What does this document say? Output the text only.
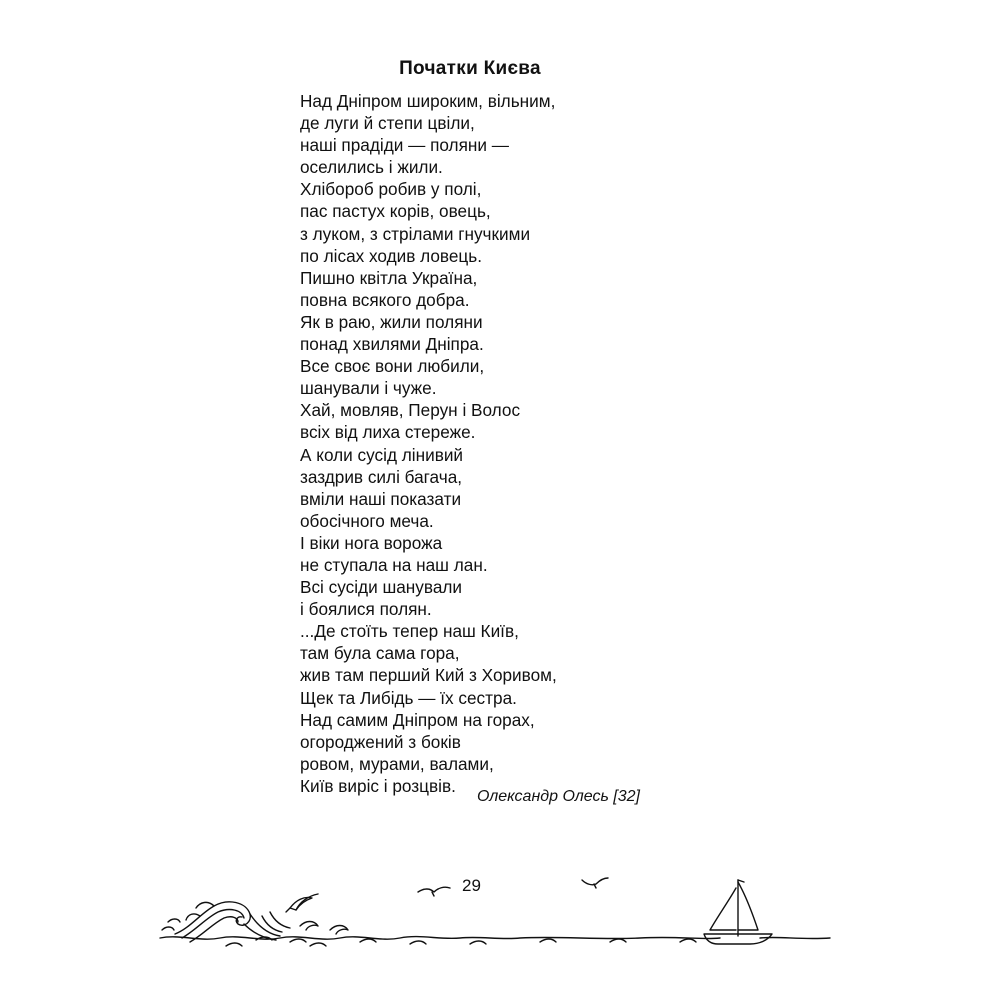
Початки Києва
Над Дніпром широким, вільним,
де луги й степи цвіли,
наші прадіди — поляни —
оселились і жили.
Хлібороб робив у полі,
пас пастух корів, овець,
з луком, з стрілами гнучкими
по лісах ходив ловець.
Пишно квітла Україна,
повна всякого добра.
Як в раю, жили поляни
понад хвилями Дніпра.
Все своє вони любили,
шанували і чуже.
Хай, мовляв, Перун і Волос
всіх від лиха стереже.
А коли сусід лінивий
заздрив силі багача,
вміли наші показати
обосічного меча.
І віки нога ворожа
не ступала на наш лан.
Всі сусіди шанували
і боялися полян.
...Де стоїть тепер наш Київ,
там була сама гора,
жив там перший Кий з Хоривом,
Щек та Либідь — їх сестра.
Над самим Дніпром на горах,
огороджений з боків
ровом, мурами, валами,
Київ виріс і розцвів.
Олександр Олесь [32]
29
